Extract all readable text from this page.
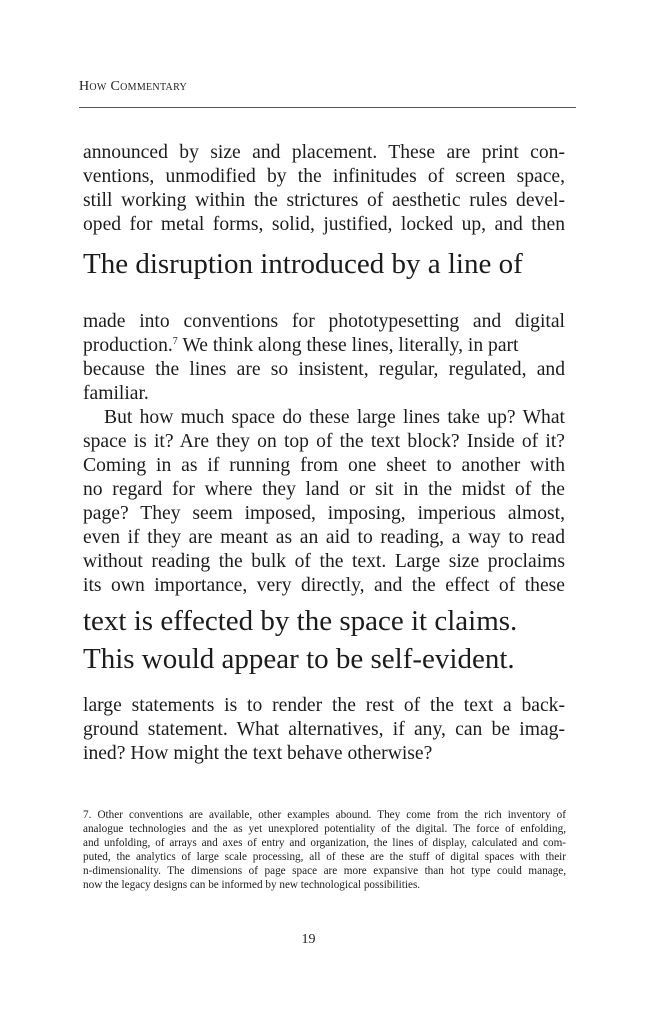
How Commentary
announced by size and placement. These are print con-
ventions, unmodified by the infinitudes of screen space,
still working within the strictures of aesthetic rules devel-
oped for metal forms, solid, justified, locked up, and then
The disruption introduced by a line of
made into conventions for phototypesetting and digital
production.$^7$ We think along these lines, literally, in part
because the lines are so insistent, regular, regulated, and
familiar.
But how much space do these large lines take up? What
space is it? Are they on top of the text block? Inside of it?
Coming in as if running from one sheet to another with
no regard for where they land or sit in the midst of the
page? They seem imposed, imposing, imperious almost,
even if they are meant as an aid to reading, a way to read
without reading the bulk of the text. Large size proclaims
its own importance, very directly, and the effect of these
text is effected by the space it claims.
This would appear to be self-evident.
large statements is to render the rest of the text a back-
ground statement. What alternatives, if any, can be imag-
ined? How might the text behave otherwise?
7. Other conventions are available, other examples abound. They come from the rich inventory of
analogue technologies and the as yet unexplored potentiality of the digital. The force of enfolding,
and unfolding, of arrays and axes of entry and organization, the lines of display, calculated and com-
puted, the analytics of large scale processing, all of these are the stuff of digital spaces with their
n-dimensionality. The dimensions of page space are more expansive than hot type could manage,
now the legacy designs can be informed by new technological possibilities.
19
